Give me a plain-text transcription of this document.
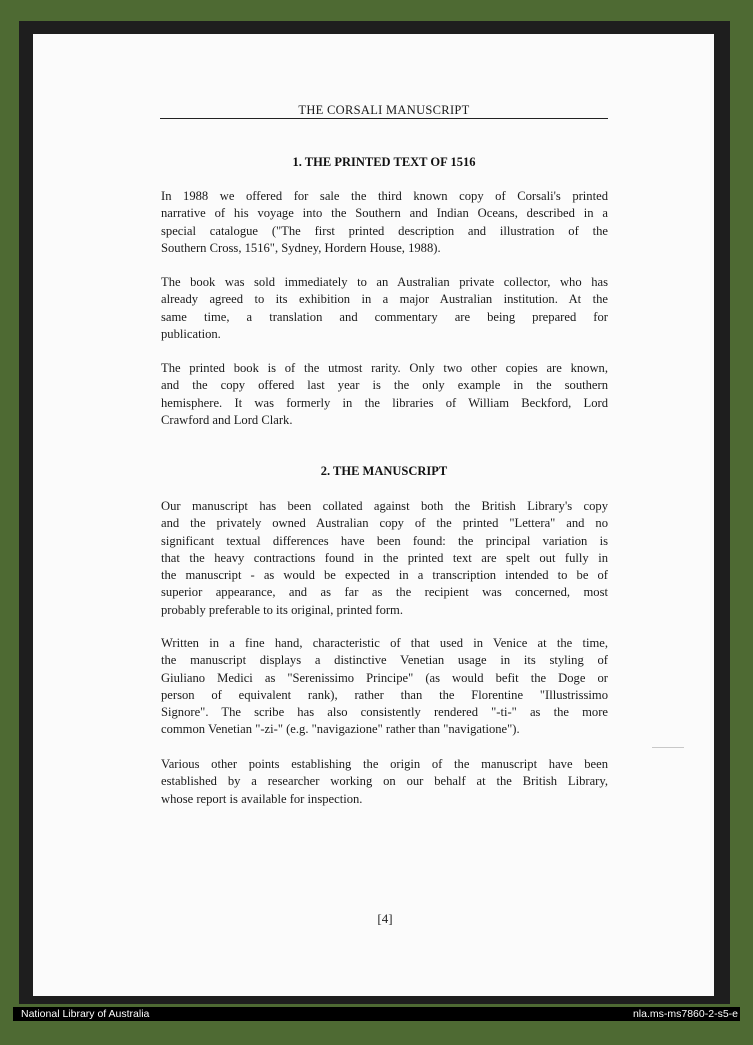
THE CORSALI MANUSCRIPT
1. THE PRINTED TEXT OF 1516
In 1988 we offered for sale the third known copy of Corsali's printed
narrative of his voyage into the Southern and Indian Oceans, described in a
special catalogue ("The first printed description and illustration of the
Southern Cross, 1516", Sydney, Hordern House, 1988).
The book was sold immediately to an Australian private collector, who has
already agreed to its exhibition in a major Australian institution. At the
same time, a translation and commentary are being prepared for
publication.
The printed book is of the utmost rarity. Only two other copies are known,
and the copy offered last year is the only example in the southern
hemisphere. It was formerly in the libraries of William Beckford, Lord
Crawford and Lord Clark.
2. THE MANUSCRIPT
Our manuscript has been collated against both the British Library's copy
and the privately owned Australian copy of the printed "Lettera" and no
significant textual differences have been found: the principal variation is
that the heavy contractions found in the printed text are spelt out fully in
the manuscript - as would be expected in a transcription intended to be of
superior appearance, and as far as the recipient was concerned, most
probably preferable to its original, printed form.
Written in a fine hand, characteristic of that used in Venice at the time,
the manuscript displays a distinctive Venetian usage in its styling of
Giuliano Medici as "Serenissimo Principe" (as would befit the Doge or
person of equivalent rank), rather than the Florentine "Illustrissimo
Signore". The scribe has also consistently rendered "-ti-" as the more
common Venetian "-zi-" (e.g. "navigazione" rather than "navigatione").
Various other points establishing the origin of the manuscript have been
established by a researcher working on our behalf at the British Library,
whose report is available for inspection.
[4]
National Library of Australia	nla.ms-ms7860-2-s5-e
